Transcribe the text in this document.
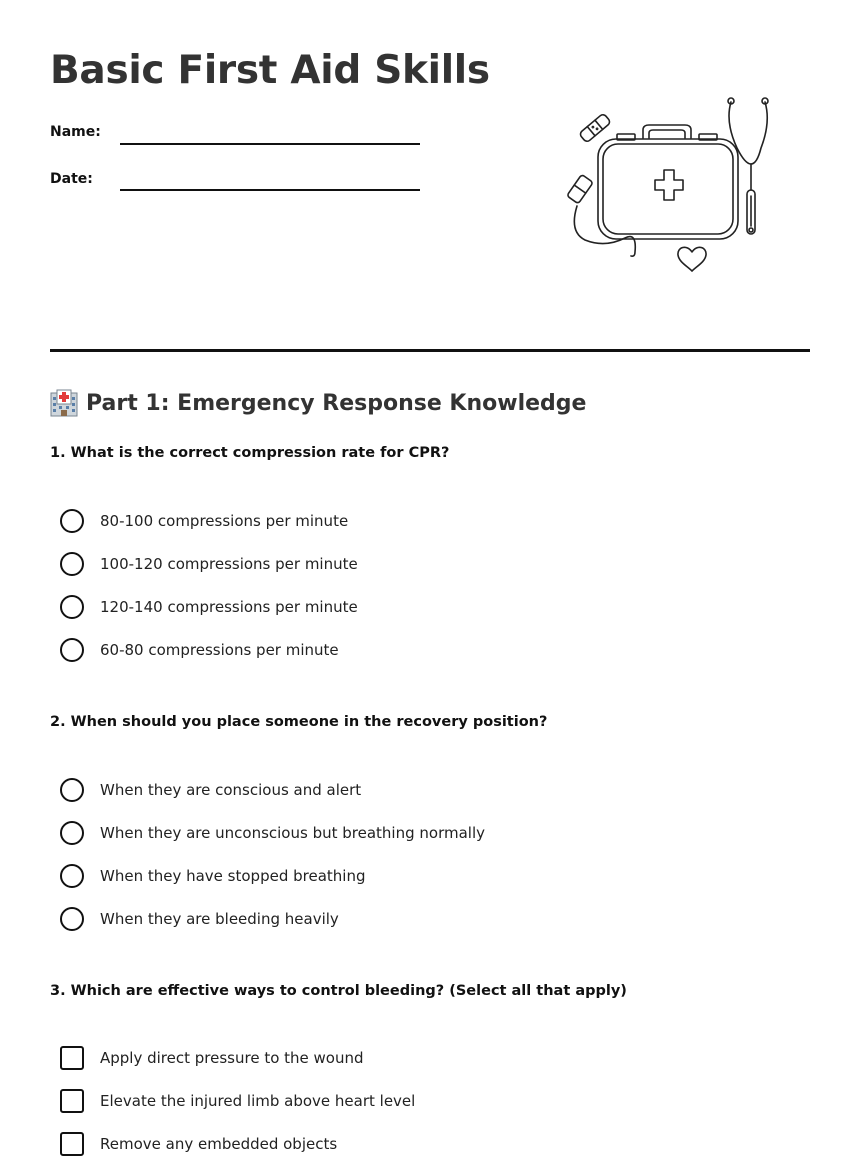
Basic First Aid Skills
Name:
Date:
Part 1: Emergency Response Knowledge

1. What is the correct compression rate for CPR?

80-100 compressions per minute
100-120 compressions per minute
120-140 compressions per minute
60-80 compressions per minute

2. When should you place someone in the recovery position?

When they are conscious and alert
When they are unconscious but breathing normally
When they have stopped breathing
When they are bleeding heavily

3. Which are effective ways to control bleeding? (Select all that apply)

Apply direct pressure to the wound
Elevate the injured limb above heart level
Remove any embedded objects
